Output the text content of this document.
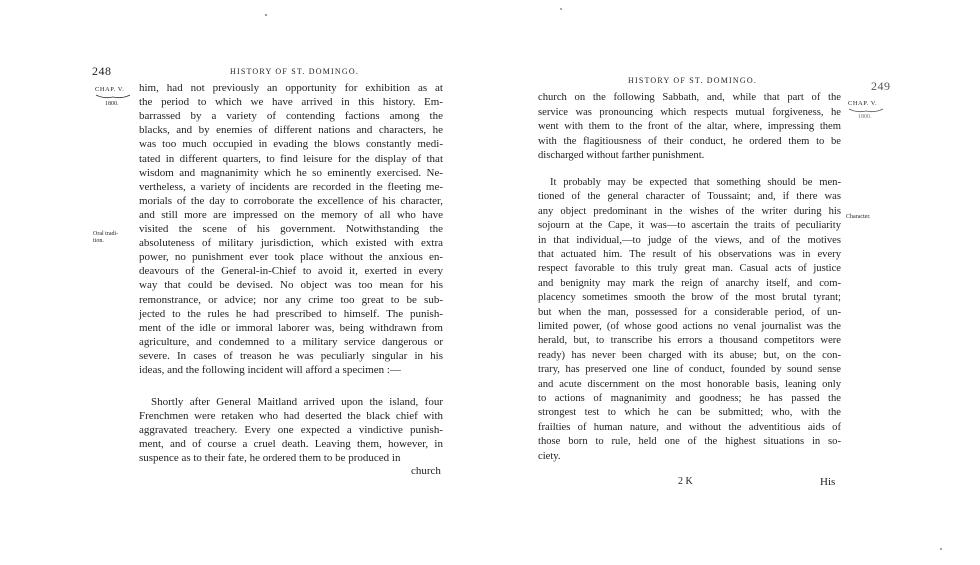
248	HISTORY OF ST. DOMINGO.
CHAP. V.
1800.
Oral tradi-
tion.
him, had not previously an opportunity for exhibition as at
the period to which we have arrived in this history. Em-
barrassed by a variety of contending factions among the
blacks, and by enemies of different nations and characters, he
was too much occupied in evading the blows constantly medi-
tated in different quarters, to find leisure for the display of that
wisdom and magnanimity which he so eminently exercised. Ne-
vertheless, a variety of incidents are recorded in the fleeting me-
morials of the day to corroborate the excellence of his character,
and still more are impressed on the memory of all who have
visited the scene of his government. Notwithstanding the
absoluteness of military jurisdiction, which existed with extra
power, no punishment ever took place without the anxious en-
deavours of the General-in-Chief to avoid it, exerted in every
way that could be devised. No object was too mean for his
remonstrance, or advice; nor any crime too great to be sub-
jected to the rules he had prescribed to himself. The punish-
ment of the idle or immoral laborer was, being withdrawn from
agriculture, and condemned to a military service dangerous or
severe. In cases of treason he was peculiarly singular in his
ideas, and the following incident will afford a specimen :—
Shortly after General Maitland arrived upon the island, four
Frenchmen were retaken who had deserted the black chief with
aggravated treachery. Every one expected a vindictive punish-
ment, and of course a cruel death. Leaving them, however, in
suspence as to their fate, he ordered them to be produced in
church
HISTORY OF ST. DOMINGO.	249
CHAP. V.
1800.
Character.
church on the following Sabbath, and, while that part of the
service was pronouncing which respects mutual forgiveness, he
went with them to the front of the altar, where, impressing them
with the flagitiousness of their conduct, he ordered them to be
discharged without farther punishment.
It probably may be expected that something should be men-
tioned of the general character of Toussaint; and, if there was
any object predominant in the wishes of the writer during his
sojourn at the Cape, it was—to ascertain the traits of peculiarity
in that individual,—to judge of the views, and of the motives
that actuated him. The result of his observations was in every
respect favorable to this truly great man. Casual acts of justice
and benignity may mark the reign of anarchy itself, and com-
placency sometimes smooth the brow of the most brutal tyrant;
but when the man, possessed for a considerable period, of un-
limited power, (of whose good actions no venal journalist was the
herald, but, to transcribe his errors a thousand competitors were
ready) has never been charged with its abuse; but, on the con-
trary, has preserved one line of conduct, founded by sound sense
and acute discernment on the most honorable basis, leaning only
to actions of magnanimity and goodness; he has passed the
strongest test to which he can be submitted; who, with the
frailties of human nature, and without the adventitious aids of
those born to rule, held one of the highest situations in so-
ciety.
2 K	His
